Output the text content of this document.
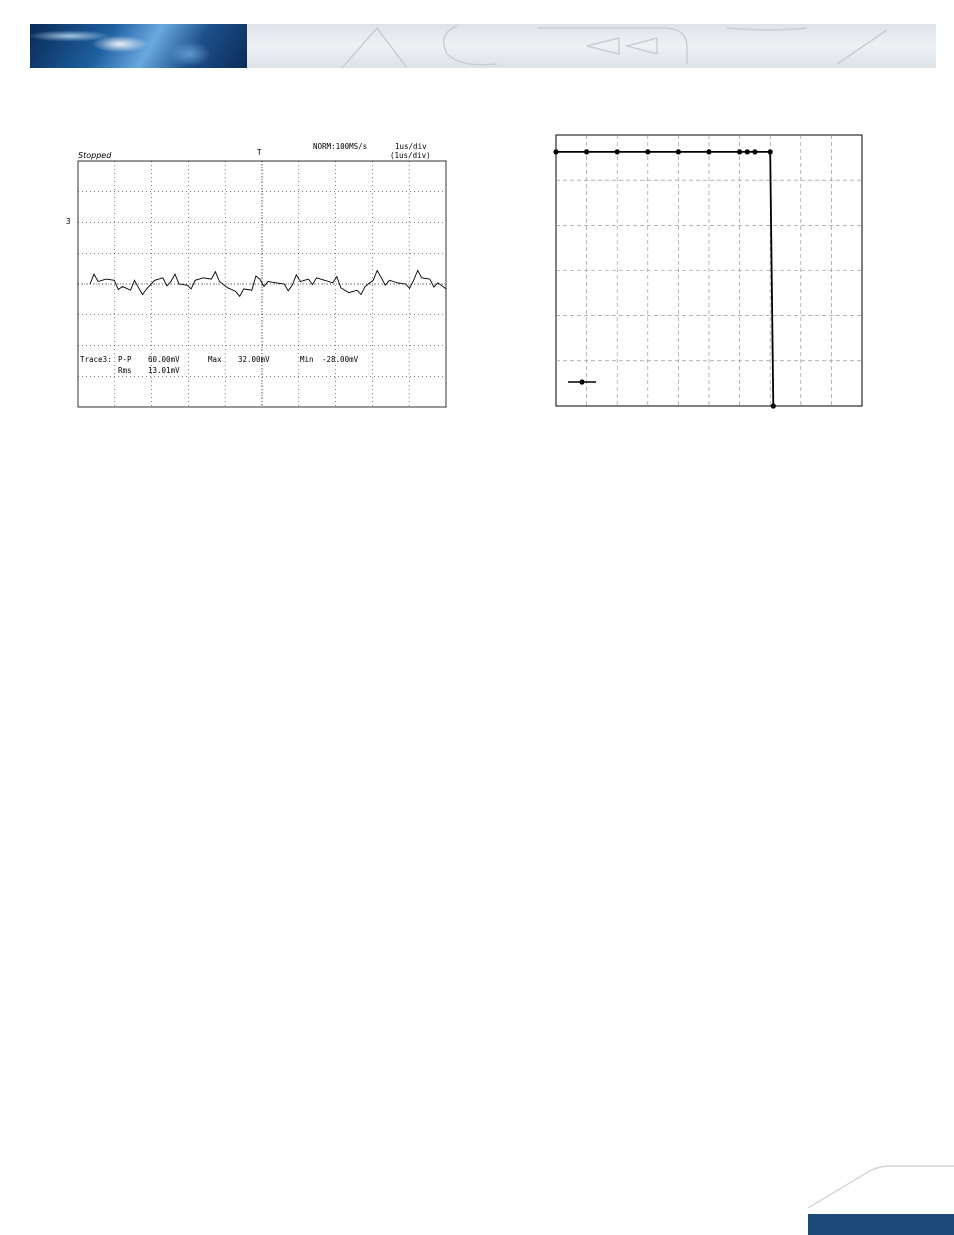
Stopped
NORM:100MS/s	1us/div
(1us/div)
T
3
Trace3: P-P 60.00mV	Max 32.00mV	Min -28.00mV
Rms 13.01mV
